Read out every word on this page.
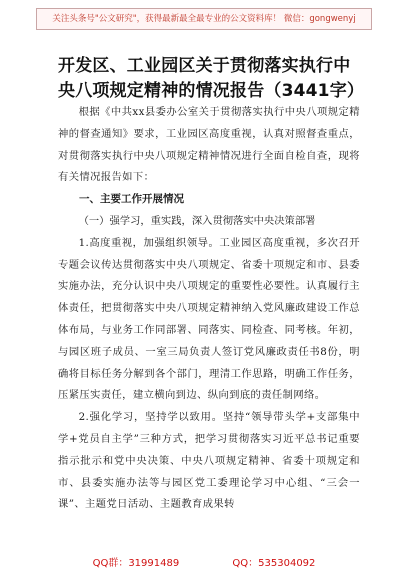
关注头条号"公文研究"，获得最新最全最专业的公文资料库！ 微信：gongwenyj
开发区、工业园区关于贯彻落实执行中央八项规定精神的情况报告（3441字）

根据《中共xx县委办公室关于贯彻落实执行中央八项规定精神的督查通知》要求，工业园区高度重视，认真对照督查重点，对贯彻落实执行中央八项规定精神情况进行全面自检自查，现将有关情况报告如下：

一、主要工作开展情况

（一）强学习，重实践，深入贯彻落实中央决策部署

1.高度重视，加强组织领导。工业园区高度重视，多次召开专题会议传达贯彻落实中央八项规定、省委十项规定和市、县委实施办法，充分认识中央八项规定的重要性必要性。认真履行主体责任，把贯彻落实中央八项规定精神纳入党风廉政建设工作总体布局，与业务工作同部署、同落实、同检查、同考核。年初，与园区班子成员、一室三局负责人签订党风廉政责任书8份，明确将目标任务分解到各个部门，理清工作思路，明确工作任务，压紧压实责任，建立横向到边、纵向到底的责任制网络。

2.强化学习，坚持学以致用。坚持“领导带头学+支部集中学+党员自主学”三种方式，把学习贯彻落实习近平总书记重要指示批示和党中央决策、中央八项规定精神、省委十项规定和市、县委实施办法等与园区党工委理论学习中心组、“三会一课”、主题党日活动、主题教育成果转

QQ群：31991489	QQ：535304092
